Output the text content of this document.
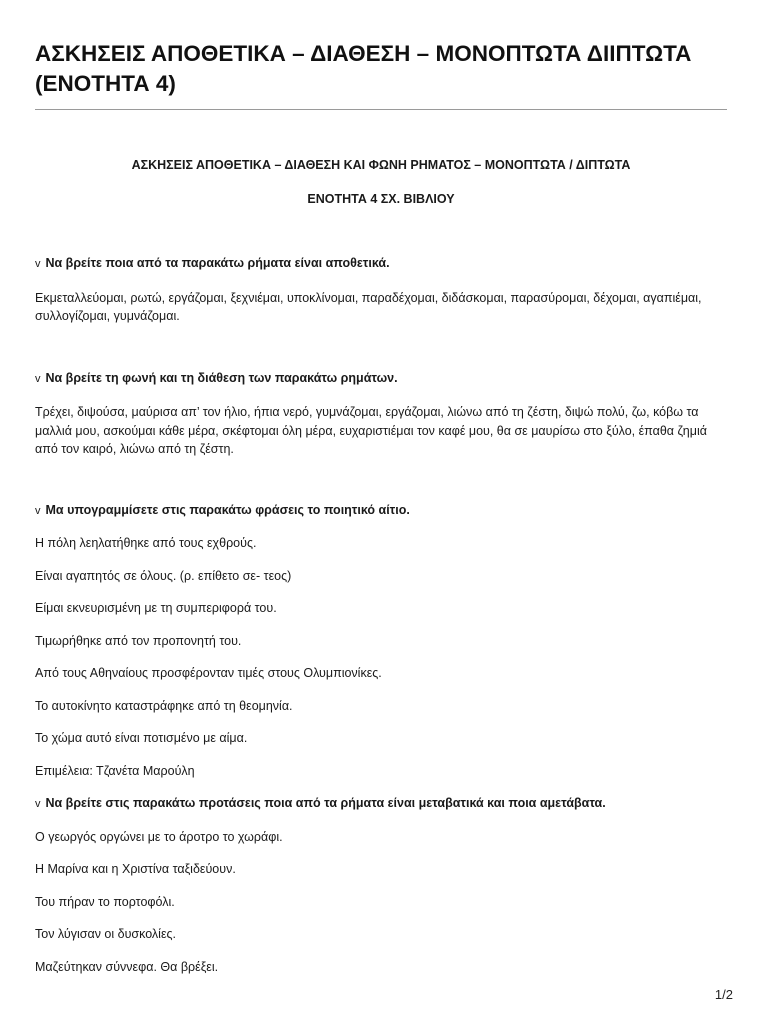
ΑΣΚΗΣΕΙΣ ΑΠΟΘΕΤΙΚΑ – ΔΙΑΘΕΣΗ – ΜΟΝΟΠΤΩΤΑ ΔΙΙΠΤΩΤΑ (ΕΝΟΤΗΤΑ 4)

ΑΣΚΗΣΕΙΣ ΑΠΟΘΕΤΙΚΑ – ΔΙΑΘΕΣΗ ΚΑΙ ΦΩΝΗ ΡΗΜΑΤΟΣ – ΜΟΝΟΠΤΩΤΑ / ΔΙΠΤΩΤΑ

ΕΝΟΤΗΤΑ 4 ΣΧ. ΒΙΒΛΙΟΥ

v Να βρείτε ποια από τα παρακάτω ρήματα είναι αποθετικά.

Εκμεταλλεύομαι, ρωτώ, εργάζομαι, ξεχνιέμαι, υποκλίνομαι, παραδέχομαι, διδάσκομαι, παρασύρομαι, δέχομαι, αγαπιέμαι, συλλογίζομαι, γυμνάζομαι.

v Να βρείτε τη φωνή και τη διάθεση των παρακάτω ρημάτων.

Τρέχει, διψούσα, μαύρισα απ’ τον ήλιο, ήπια νερό, γυμνάζομαι, εργάζομαι, λιώνω από τη ζέστη, διψώ πολύ, ζω, κόβω τα μαλλιά μου, ασκούμαι κάθε μέρα, σκέφτομαι όλη μέρα, ευχαριστιέμαι τον καφέ μου, θα σε μαυρίσω στο ξύλο, έπαθα ζημιά από τον καιρό, λιώνω από τη ζέστη.

v Μα υπογραμμίσετε στις παρακάτω φράσεις το ποιητικό αίτιο.

Η πόλη λεηλατήθηκε από τους εχθρούς.

Είναι αγαπητός σε όλους. (ρ. επίθετο σε- τεος)

Είμαι εκνευρισμένη με τη συμπεριφορά του.

Τιμωρήθηκε από τον προπονητή του.

Από τους Αθηναίους προσφέρονταν τιμές στους Ολυμπιονίκες.

Το αυτοκίνητο καταστράφηκε από τη θεομηνία.

Το χώμα αυτό είναι ποτισμένο με αίμα.

Επιμέλεια: Τζανέτα Μαρούλη

v Να βρείτε στις παρακάτω προτάσεις ποια από τα ρήματα είναι μεταβατικά και ποια αμετάβατα.

Ο γεωργός οργώνει με το άροτρο το χωράφι.

Η Μαρίνα και η Χριστίνα ταξιδεύουν.

Του πήραν το πορτοφόλι.

Τον λύγισαν οι δυσκολίες.

Μαζεύτηκαν σύννεφα. Θα βρέξει.

1/2
